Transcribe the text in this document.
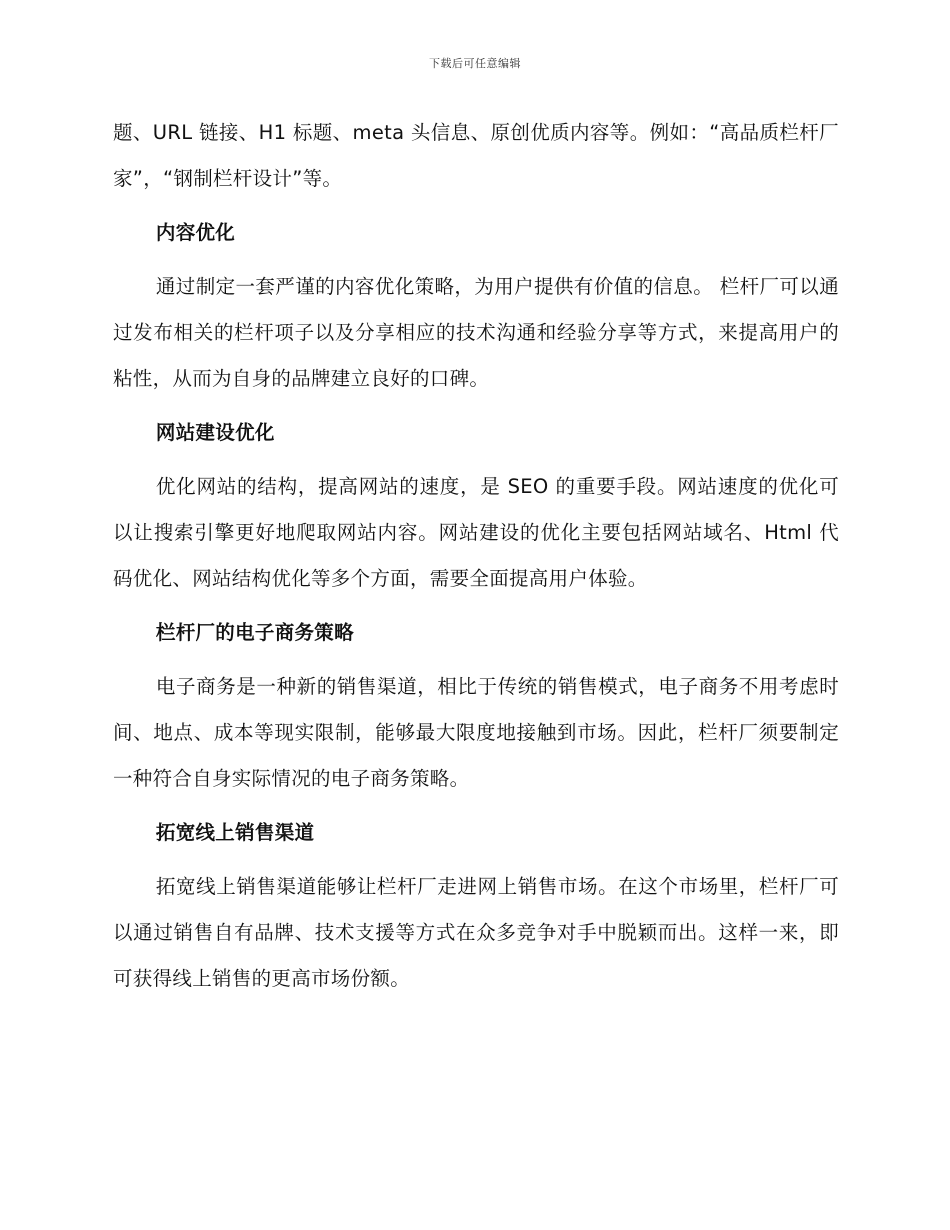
下载后可任意编辑

题、URL 链接、H1 标题、meta 头信息、原创优质内容等。例如：“高品质栏杆厂家”，“钢制栏杆设计”等。

内容优化

通过制定一套严谨的内容优化策略，为用户提供有价值的信息。 栏杆厂可以通过发布相关的栏杆项子以及分享相应的技术沟通和经验分享等方式，来提高用户的粘性，从而为自身的品牌建立良好的口碑。

网站建设优化

优化网站的结构，提高网站的速度，是 SEO 的重要手段。网站速度的优化可以让搜索引擎更好地爬取网站内容。网站建设的优化主要包括网站域名、Html 代码优化、网站结构优化等多个方面，需要全面提高用户体验。

栏杆厂的电子商务策略

电子商务是一种新的销售渠道，相比于传统的销售模式，电子商务不用考虑时间、地点、成本等现实限制，能够最大限度地接触到市场。因此，栏杆厂须要制定一种符合自身实际情况的电子商务策略。

拓宽线上销售渠道

拓宽线上销售渠道能够让栏杆厂走进网上销售市场。在这个市场里，栏杆厂可以通过销售自有品牌、技术支援等方式在众多竞争对手中脱颖而出。这样一来，即可获得线上销售的更高市场份额。
